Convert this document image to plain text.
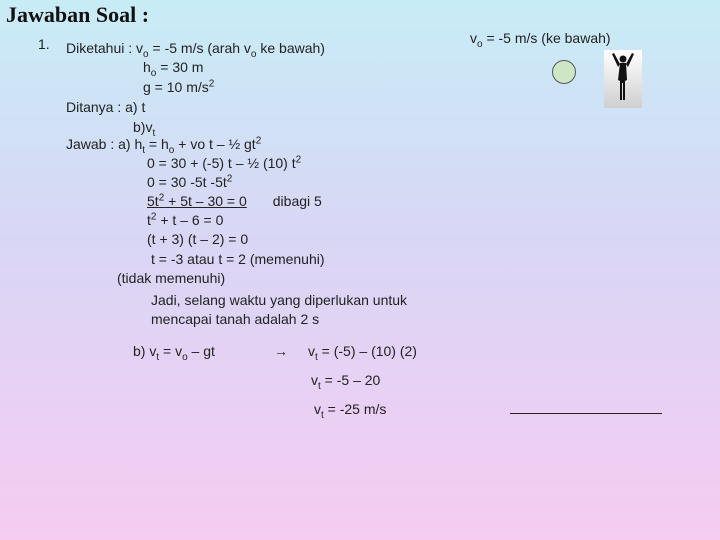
Jawaban Soal :
1. Diketahui : $v_o = -5$ m/s (arah $v_o$ ke bawah)
$h_o = 30$ m
g = 10 $m/s^2$
Ditanya : a) t
$b)v_t$
Jawab : a) $h_t = h_o$ + vo t – ½ $gt^2$
0 = 30 + (-5) t – ½ (10) $t^2$
0 = 30 -5t $-5t^2$
$5t^2 + 5t - 30 = 0$ dibagi 5
$t^2 + t - 6 = 0$
(t + 3) (t – 2) = 0
t = -3 atau t = 2 (memenuhi)
(tidak memenuhi)
Jadi, selang waktu yang diperlukan untuk
mencapai tanah adalah 2 s
b) $v_t = v_o$ – gt	→ $v_t = (-5) - (10)$ (2)
$v_t = -5 - 20$
$v_t = -25$ m/s
$v_o = -5$ m/s (ke bawah)
